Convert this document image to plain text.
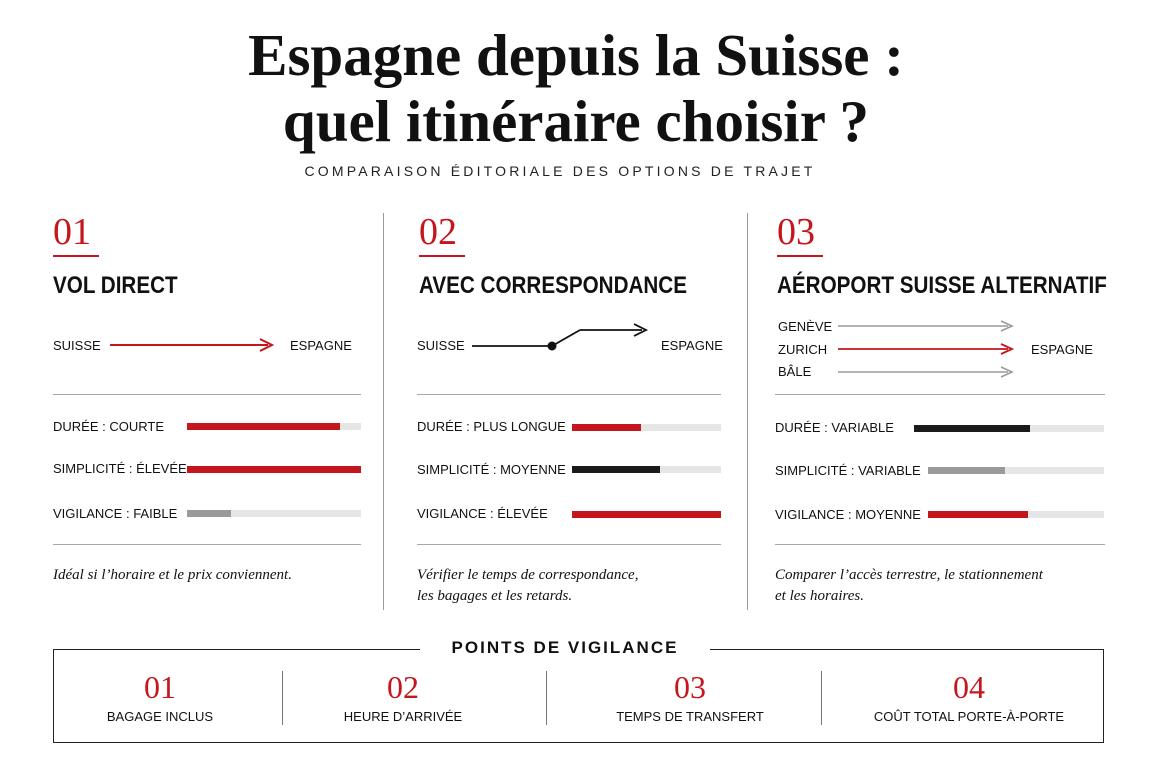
Espagne depuis la Suisse :
quel itinéraire choisir ?
COMPARAISON ÉDITORIALE DES OPTIONS DE TRAJET
01
VOL DIRECT
SUISSE	ESPAGNE
DURÉE : COURTE
SIMPLICITÉ : ÉLEVÉE
VIGILANCE : FAIBLE
Idéal si l’horaire et le prix conviennent.
02
AVEC CORRESPONDANCE
SUISSE	ESPAGNE
DURÉE : PLUS LONGUE
SIMPLICITÉ : MOYENNE
VIGILANCE : ÉLEVÉE
Vérifier le temps de correspondance,
les bagages et les retards.
03
AÉROPORT SUISSE ALTERNATIF
GENÈVE
ZURICH
BÂLE
ESPAGNE
DURÉE : VARIABLE
SIMPLICITÉ : VARIABLE
VIGILANCE : MOYENNE
Comparer l’accès terrestre, le stationnement
et les horaires.
POINTS DE VIGILANCE
01
BAGAGE INCLUS
02
HEURE D’ARRIVÉE
03
TEMPS DE TRANSFERT
04
COÛT TOTAL PORTE-À-PORTE
